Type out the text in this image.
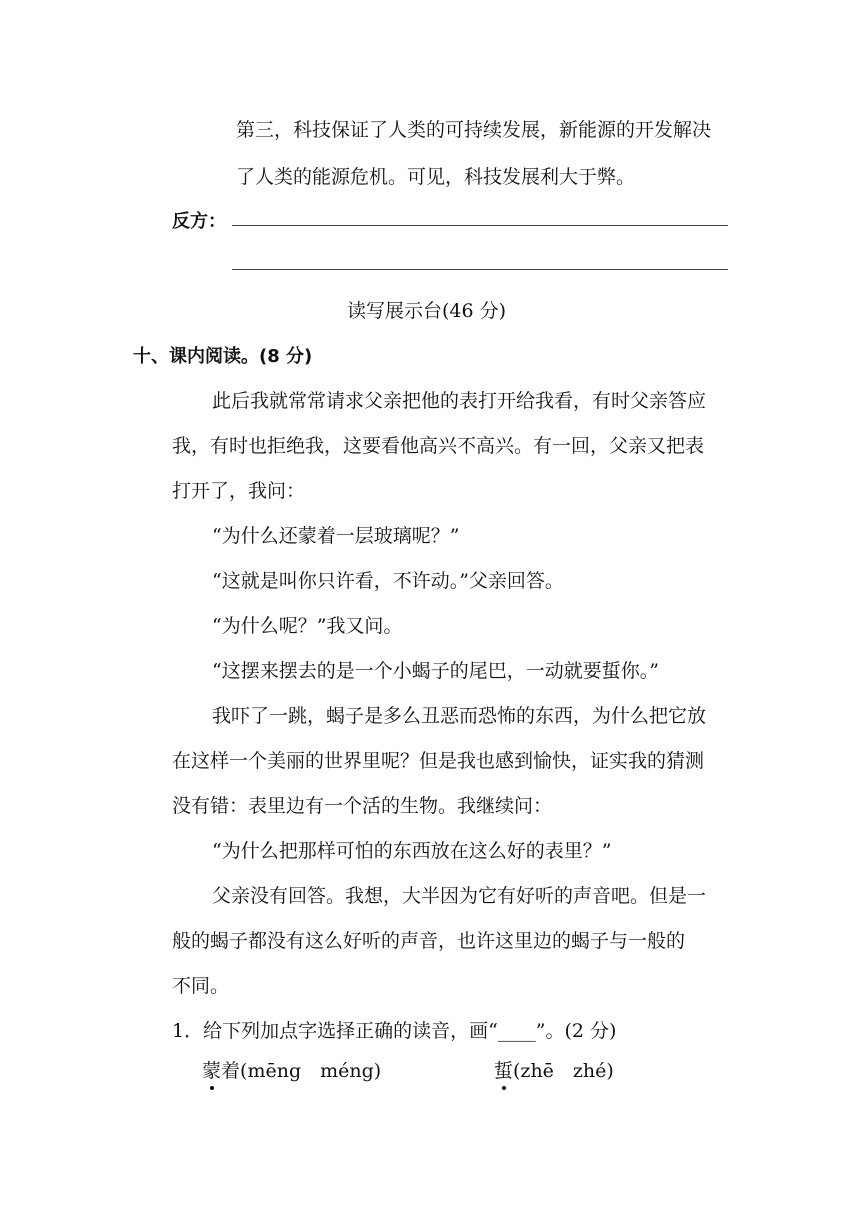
第三，科技保证了人类的可持续发展，新能源的开发解决
了人类的能源危机。可见，科技发展利大于弊。
反方：
读写展示台(46 分)
十、课内阅读。(8 分)
此后我就常常请求父亲把他的表打开给我看，有时父亲答应
我，有时也拒绝我，这要看他高兴不高兴。有一回，父亲又把表
打开了，我问：
“为什么还蒙着一层玻璃呢？”
“这就是叫你只许看，不许动。”父亲回答。
“为什么呢？”我又问。
“这摆来摆去的是一个小蝎子的尾巴，一动就要蜇你。”
我吓了一跳，蝎子是多么丑恶而恐怖的东西，为什么把它放
在这样一个美丽的世界里呢？但是我也感到愉快，证实我的猜测
没有错：表里边有一个活的生物。我继续问：
“为什么把那样可怕的东西放在这么好的表里？”
父亲没有回答。我想，大半因为它有好听的声音吧。但是一
般的蝎子都没有这么好听的声音，也许这里边的蝎子与一般的
不同。
1．给下列加点字选择正确的读音，画“____”。(2 分)
蒙着(mēng　méng)	蜇(zhē　zhé)
